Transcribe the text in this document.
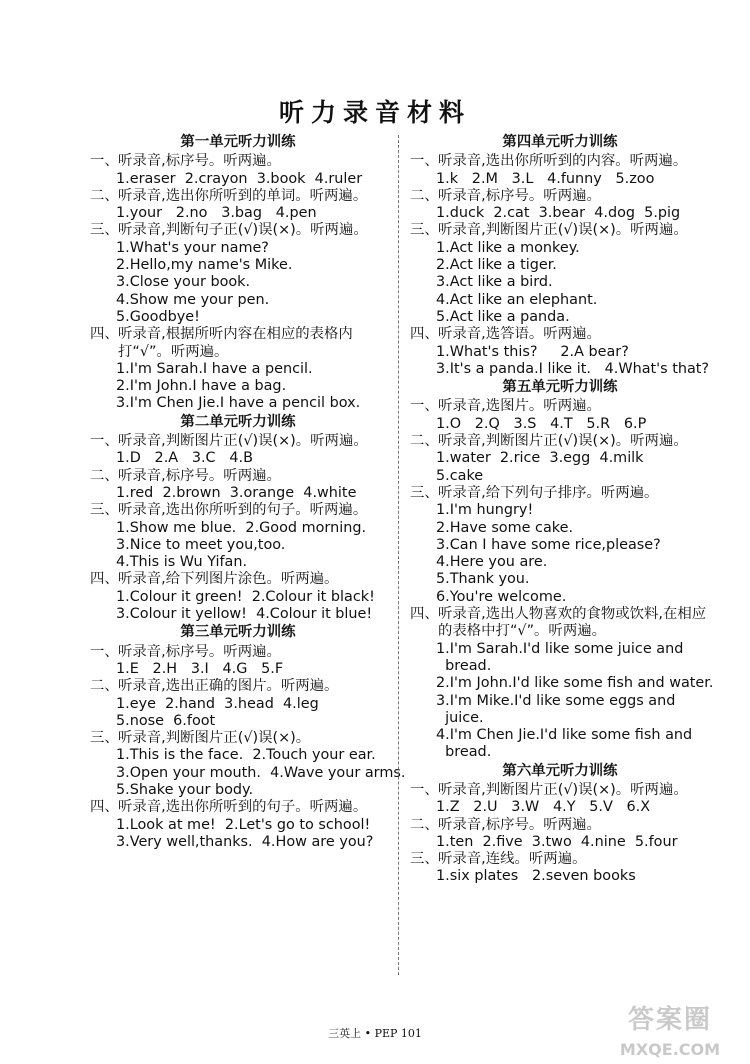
听力录音材料
第一单元听力训练
一、听录音,标序号。听两遍。
1.eraser  2.crayon  3.book  4.ruler
二、听录音,选出你所听到的单词。听两遍。
1.your   2.no   3.bag   4.pen
三、听录音,判断句子正(√)误(×)。听两遍。
1.What's your name?
2.Hello,my name's Mike.
3.Close your book.
4.Show me your pen.
5.Goodbye!
四、听录音,根据所听内容在相应的表格内打“√”。听两遍。
1.I'm Sarah.I have a pencil.
2.I'm John.I have a bag.
3.I'm Chen Jie.I have a pencil box.
第二单元听力训练
一、听录音,判断图片正(√)误(×)。听两遍。
1.D   2.A   3.C   4.B
二、听录音,标序号。听两遍。
1.red  2.brown  3.orange  4.white
三、听录音,选出你所听到的句子。听两遍。
1.Show me blue.  2.Good morning.
3.Nice to meet you,too.
4.This is Wu Yifan.
四、听录音,给下列图片涂色。听两遍。
1.Colour it green!  2.Colour it black!
3.Colour it yellow!  4.Colour it blue!
第三单元听力训练
一、听录音,标序号。听两遍。
1.E   2.H   3.I   4.G   5.F
二、听录音,选出正确的图片。听两遍。
1.eye  2.hand  3.head  4.leg
5.nose  6.foot
三、听录音,判断图片正(√)误(×)。
1.This is the face.  2.Touch your ear.
3.Open your mouth.  4.Wave your arms.
5.Shake your body.
四、听录音,选出你所听到的句子。听两遍。
1.Look at me!  2.Let's go to school!
3.Very well,thanks.  4.How are you?
第四单元听力训练
一、听录音,选出你所听到的内容。听两遍。
1.k   2.M   3.L   4.funny   5.zoo
二、听录音,标序号。听两遍。
1.duck  2.cat  3.bear  4.dog  5.pig
三、听录音,判断图片正(√)误(×)。听两遍。
1.Act like a monkey.
2.Act like a tiger.
3.Act like a bird.
4.Act like an elephant.
5.Act like a panda.
四、听录音,选答语。听两遍。
1.What's this?     2.A bear?
3.It's a panda.I like it.   4.What's that?
第五单元听力训练
一、听录音,选图片。听两遍。
1.O   2.Q   3.S   4.T   5.R   6.P
二、听录音,判断图片正(√)误(×)。听两遍。
1.water  2.rice  3.egg  4.milk
5.cake
三、听录音,给下列句子排序。听两遍。
1.I'm hungry!
2.Have some cake.
3.Can I have some rice,please?
4.Here you are.
5.Thank you.
6.You're welcome.
四、听录音,选出人物喜欢的食物或饮料,在相应的表格中打“√”。听两遍。
1.I'm Sarah.I'd like some juice and
bread.
2.I'm John.I'd like some fish and water.
3.I'm Mike.I'd like some eggs and
juice.
4.I'm Chen Jie.I'd like some fish and
bread.
第六单元听力训练
一、听录音,判断图片正(√)误(×)。听两遍。
1.Z   2.U   3.W   4.Y   5.V   6.X
二、听录音,标序号。听两遍。
1.ten  2.five  3.two  4.nine  5.four
三、听录音,连线。听两遍。
1.six plates   2.seven books
三英上 • PEP 101	答案圈
MXQE.COM
